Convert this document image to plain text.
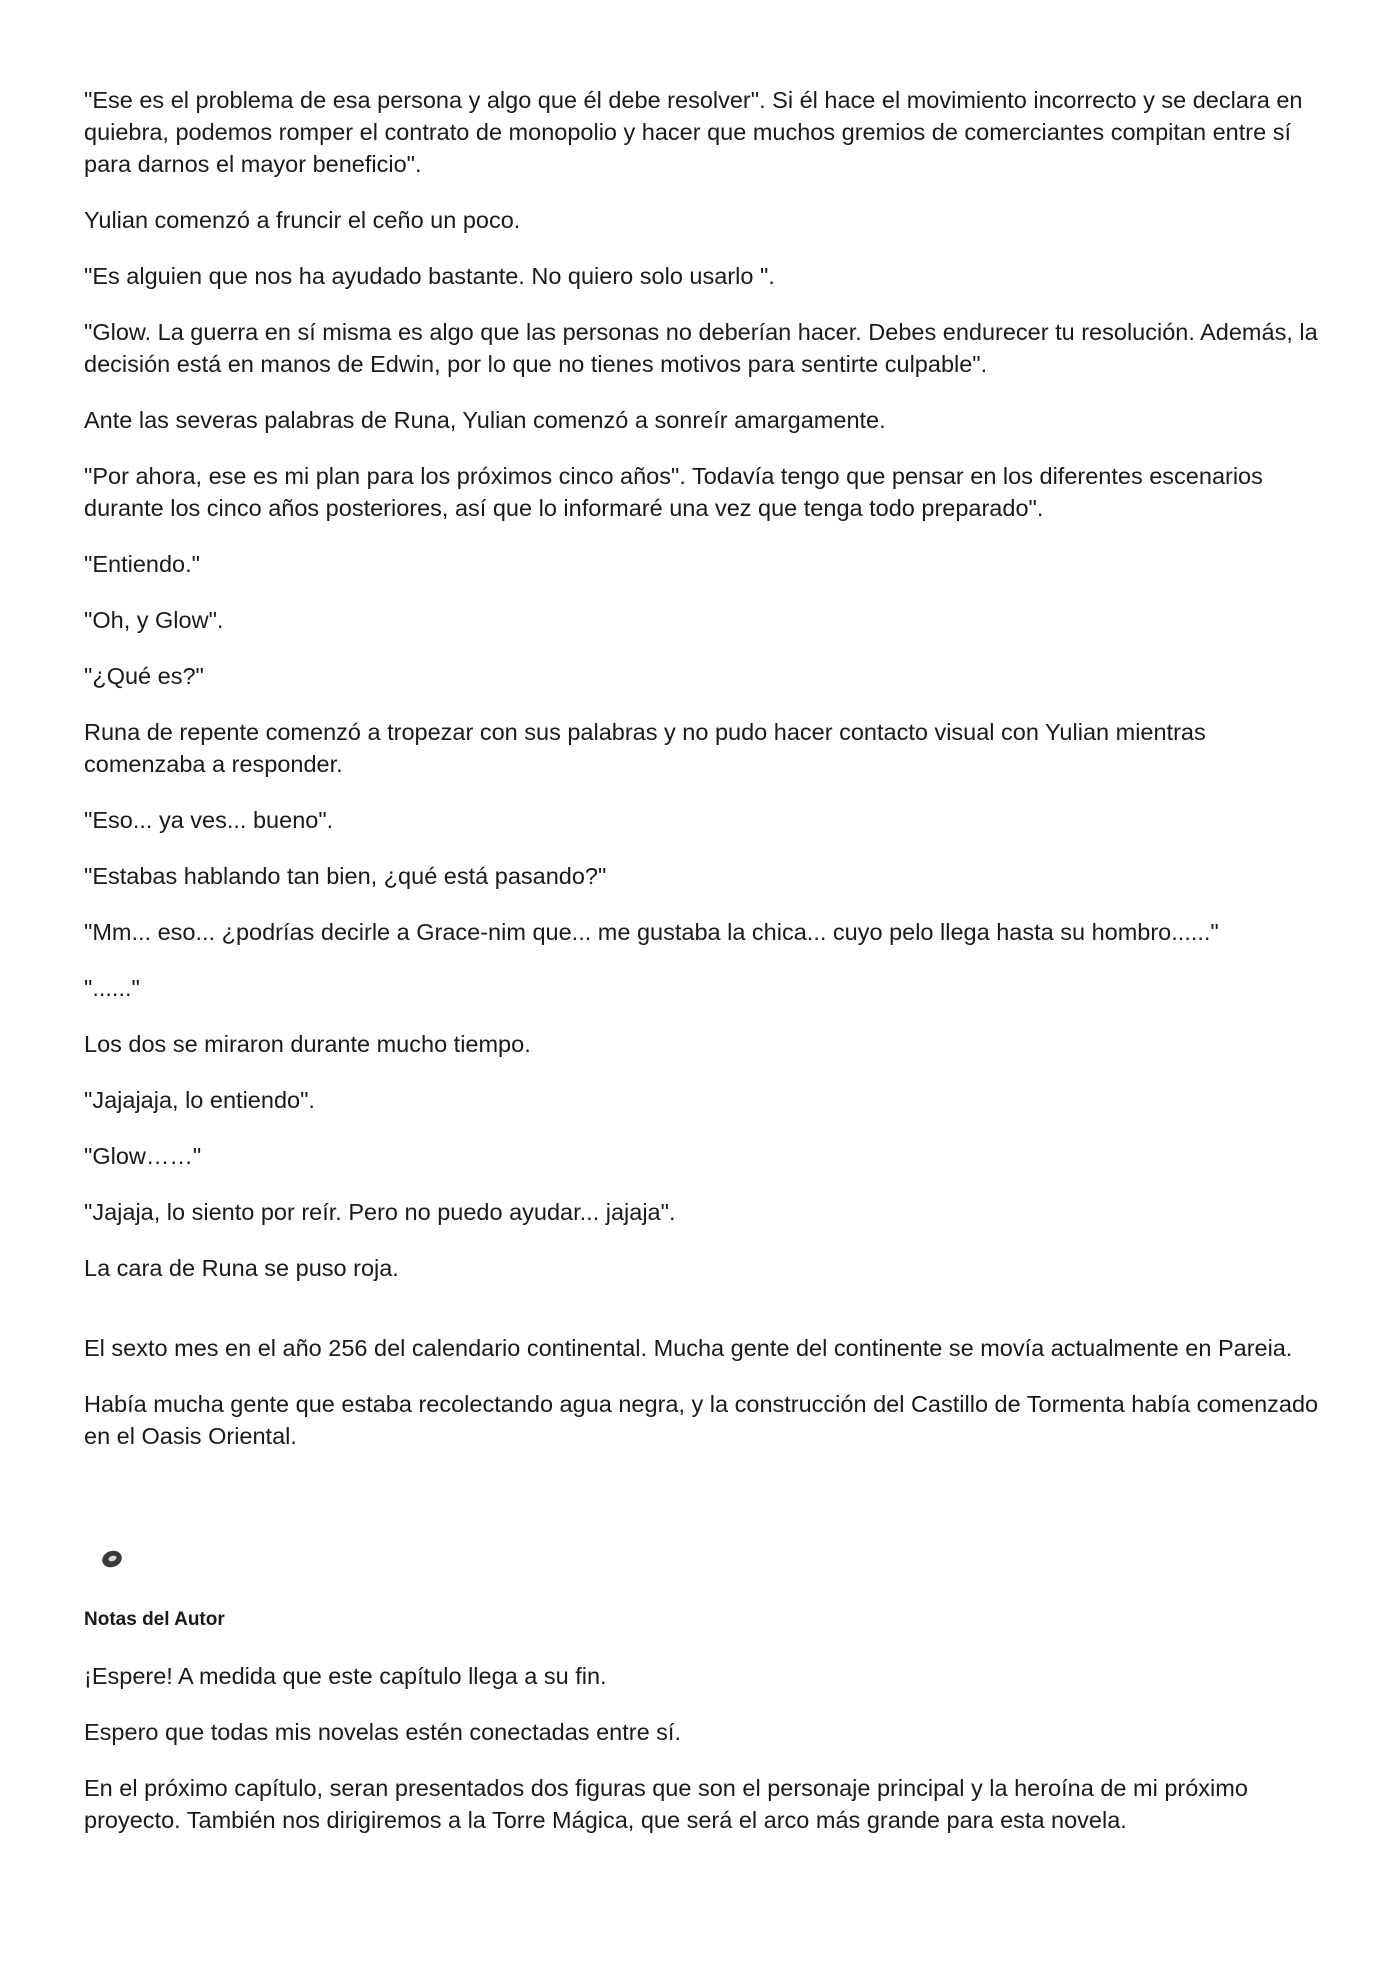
"Ese es el problema de esa persona y algo que él debe resolver". Si él hace el movimiento incorrecto y se declara en quiebra, podemos romper el contrato de monopolio y hacer que muchos gremios de comerciantes compitan entre sí para darnos el mayor beneficio".

Yulian comenzó a fruncir el ceño un poco.

"Es alguien que nos ha ayudado bastante. No quiero solo usarlo ".

"Glow. La guerra en sí misma es algo que las personas no deberían hacer. Debes endurecer tu resolución. Además, la decisión está en manos de Edwin, por lo que no tienes motivos para sentirte culpable".

Ante las severas palabras de Runa, Yulian comenzó a sonreír amargamente.

"Por ahora, ese es mi plan para los próximos cinco años". Todavía tengo que pensar en los diferentes escenarios durante los cinco años posteriores, así que lo informaré una vez que tenga todo preparado".

"Entiendo."

"Oh, y Glow".

"¿Qué es?"

Runa de repente comenzó a tropezar con sus palabras y no pudo hacer contacto visual con Yulian mientras comenzaba a responder.

"Eso... ya ves... bueno".

"Estabas hablando tan bien, ¿qué está pasando?"

"Mm... eso... ¿podrías decirle a Grace-nim que... me gustaba la chica... cuyo pelo llega hasta su hombro......"

"......"

Los dos se miraron durante mucho tiempo.

"Jajajaja, lo entiendo".

"Glow……"

"Jajaja, lo siento por reír. Pero no puedo ayudar... jajaja".

La cara de Runa se puso roja.

El sexto mes en el año 256 del calendario continental. Mucha gente del continente se movía actualmente en Pareia.

Había mucha gente que estaba recolectando agua negra, y la construcción del Castillo de Tormenta había comenzado en el Oasis Oriental.

Notas del Autor

¡Espere! A medida que este capítulo llega a su fin.

Espero que todas mis novelas estén conectadas entre sí.

En el próximo capítulo, seran presentados dos figuras que son el personaje principal y la heroína de mi próximo proyecto. También nos dirigiremos a la Torre Mágica, que será el arco más grande para esta novela.
